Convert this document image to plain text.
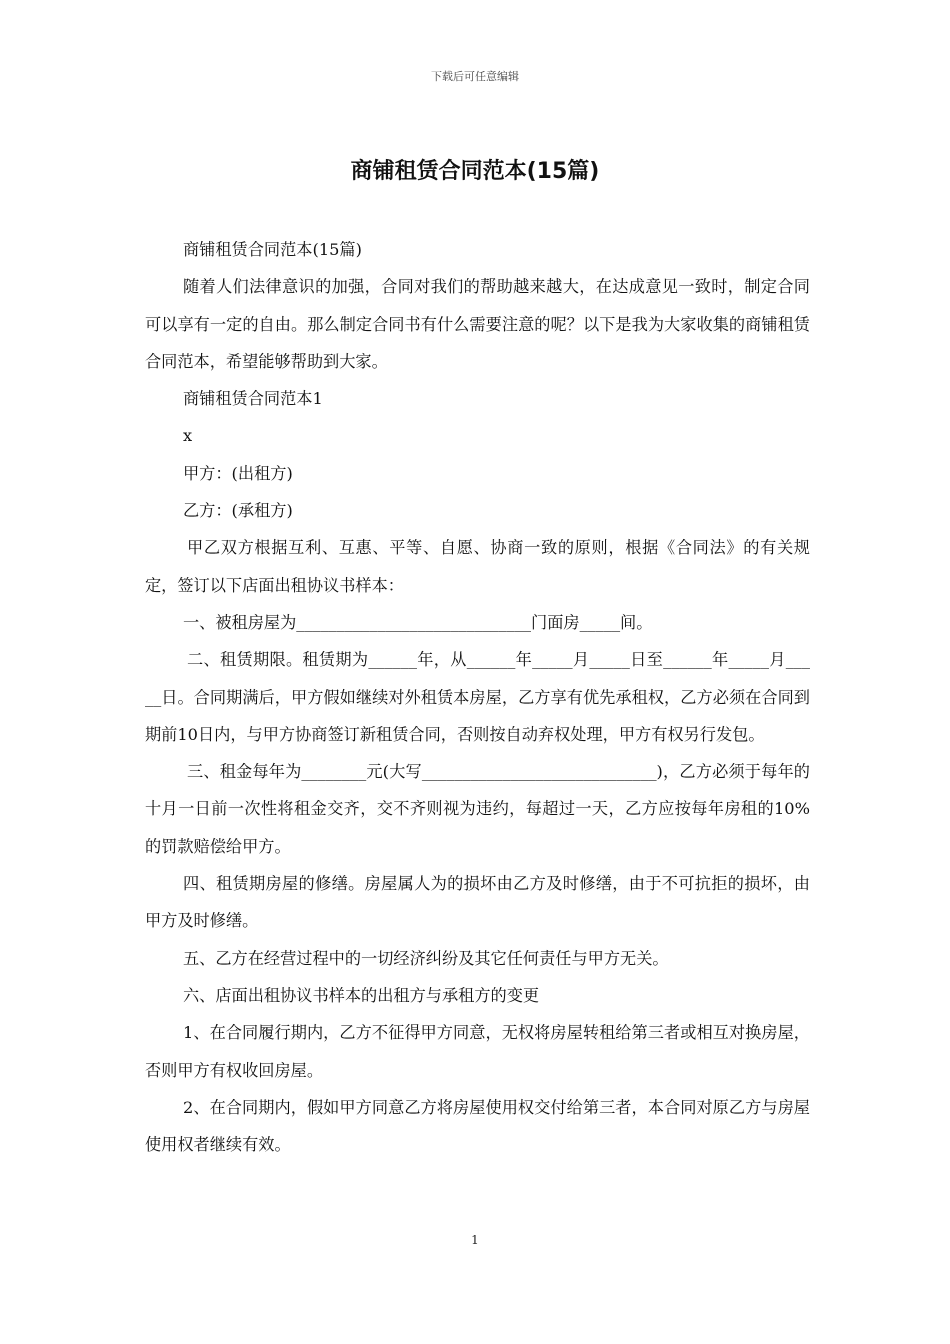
下载后可任意编辑
商铺租赁合同范本(15篇)

商铺租赁合同范本(15篇)

随着人们法律意识的加强，合同对我们的帮助越来越大，在达成意见一致时，制定合同可以享有一定的自由。那么制定合同书有什么需要注意的呢？以下是我为大家收集的商铺租赁合同范本，希望能够帮助到大家。

商铺租赁合同范本1

x

甲方：(出租方)

乙方：(承租方)

甲乙双方根据互利、互惠、平等、自愿、协商一致的原则，根据《合同法》的有关规定，签订以下店面出租协议书样本：

一、被租房屋为_____________________________门面房_____间。

二、租赁期限。租赁期为______年，从______年_____月_____日至______年_____月_____日。合同期满后，甲方假如继续对外租赁本房屋，乙方享有优先承租权，乙方必须在合同到期前10日内，与甲方协商签订新租赁合同，否则按自动弃权处理，甲方有权另行发包。

三、租金每年为________元(大写_____________________________)，乙方必须于每年的十月一日前一次性将租金交齐，交不齐则视为违约，每超过一天，乙方应按每年房租的10%的罚款赔偿给甲方。

四、租赁期房屋的修缮。房屋属人为的损坏由乙方及时修缮，由于不可抗拒的损坏，由甲方及时修缮。

五、乙方在经营过程中的一切经济纠纷及其它任何责任与甲方无关。

六、店面出租协议书样本的出租方与承租方的变更

1、在合同履行期内，乙方不征得甲方同意，无权将房屋转租给第三者或相互对换房屋，否则甲方有权收回房屋。

2、在合同期内，假如甲方同意乙方将房屋使用权交付给第三者，本合同对原乙方与房屋使用权者继续有效。

1
